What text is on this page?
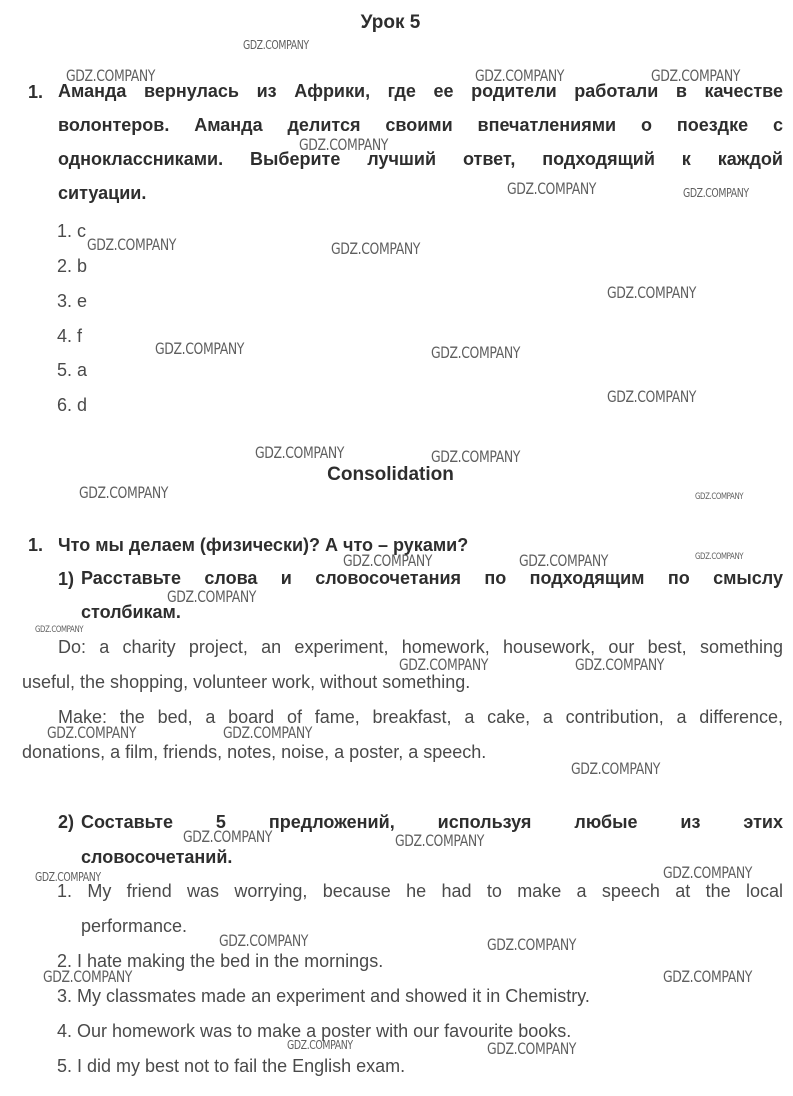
Урок 5
1. Аманда вернулась из Африки, где ее родители работали в качестве
волонтеров. Аманда делится своими впечатлениями о поездке с
одноклассниками. Выберите лучший ответ, подходящий к каждой
ситуации.
1. c
2. b
3. e
4. f
5. a
6. d
Consolidation
1. Что мы делаем (физически)? А что – руками?
1) Расставьте слова и словосочетания по подходящим по смыслу
столбикам.
Do: a charity project, an experiment, homework, housework, our best, something
useful, the shopping, volunteer work, without something.
Make: the bed, a board of fame, breakfast, a cake, a contribution, a difference,
donations, a film, friends, notes, noise, a poster, a speech.
2) Составьте 5 предложений, используя любые из этих
словосочетаний.
1. My friend was worrying, because he had to make a speech at the local
performance.
2. I hate making the bed in the mornings.
3. My classmates made an experiment and showed it in Chemistry.
4. Our homework was to make a poster with our favourite books.
5. I did my best not to fail the English exam.
GDZ.COMPANY
GDZ.COMPANY	GDZ.COMPANY	GDZ.COMPANY
GDZ.COMPANY
GDZ.COMPANY	GDZ.COMPANY
GDZ.COMPANY	GDZ.COMPANY
GDZ.COMPANY
GDZ.COMPANY	GDZ.COMPANY
GDZ.COMPANY
GDZ.COMPANY	GDZ.COMPANY
GDZ.COMPANY	GDZ.COMPANY
GDZ.COMPANY
GDZ.COMPANY	GDZ.COMPANY
GDZ.COMPANY
GDZ.COMPANY
GDZ.COMPANY	GDZ.COMPANY
GDZ.COMPANY	GDZ.COMPANY
GDZ.COMPANY
GDZ.COMPANY	GDZ.COMPANY
GDZ.COMPANY
GDZ.COMPANY
GDZ.COMPANY	GDZ.COMPANY
GDZ.COMPANY	GDZ.COMPANY
GDZ.COMPANY	GDZ.COMPANY
